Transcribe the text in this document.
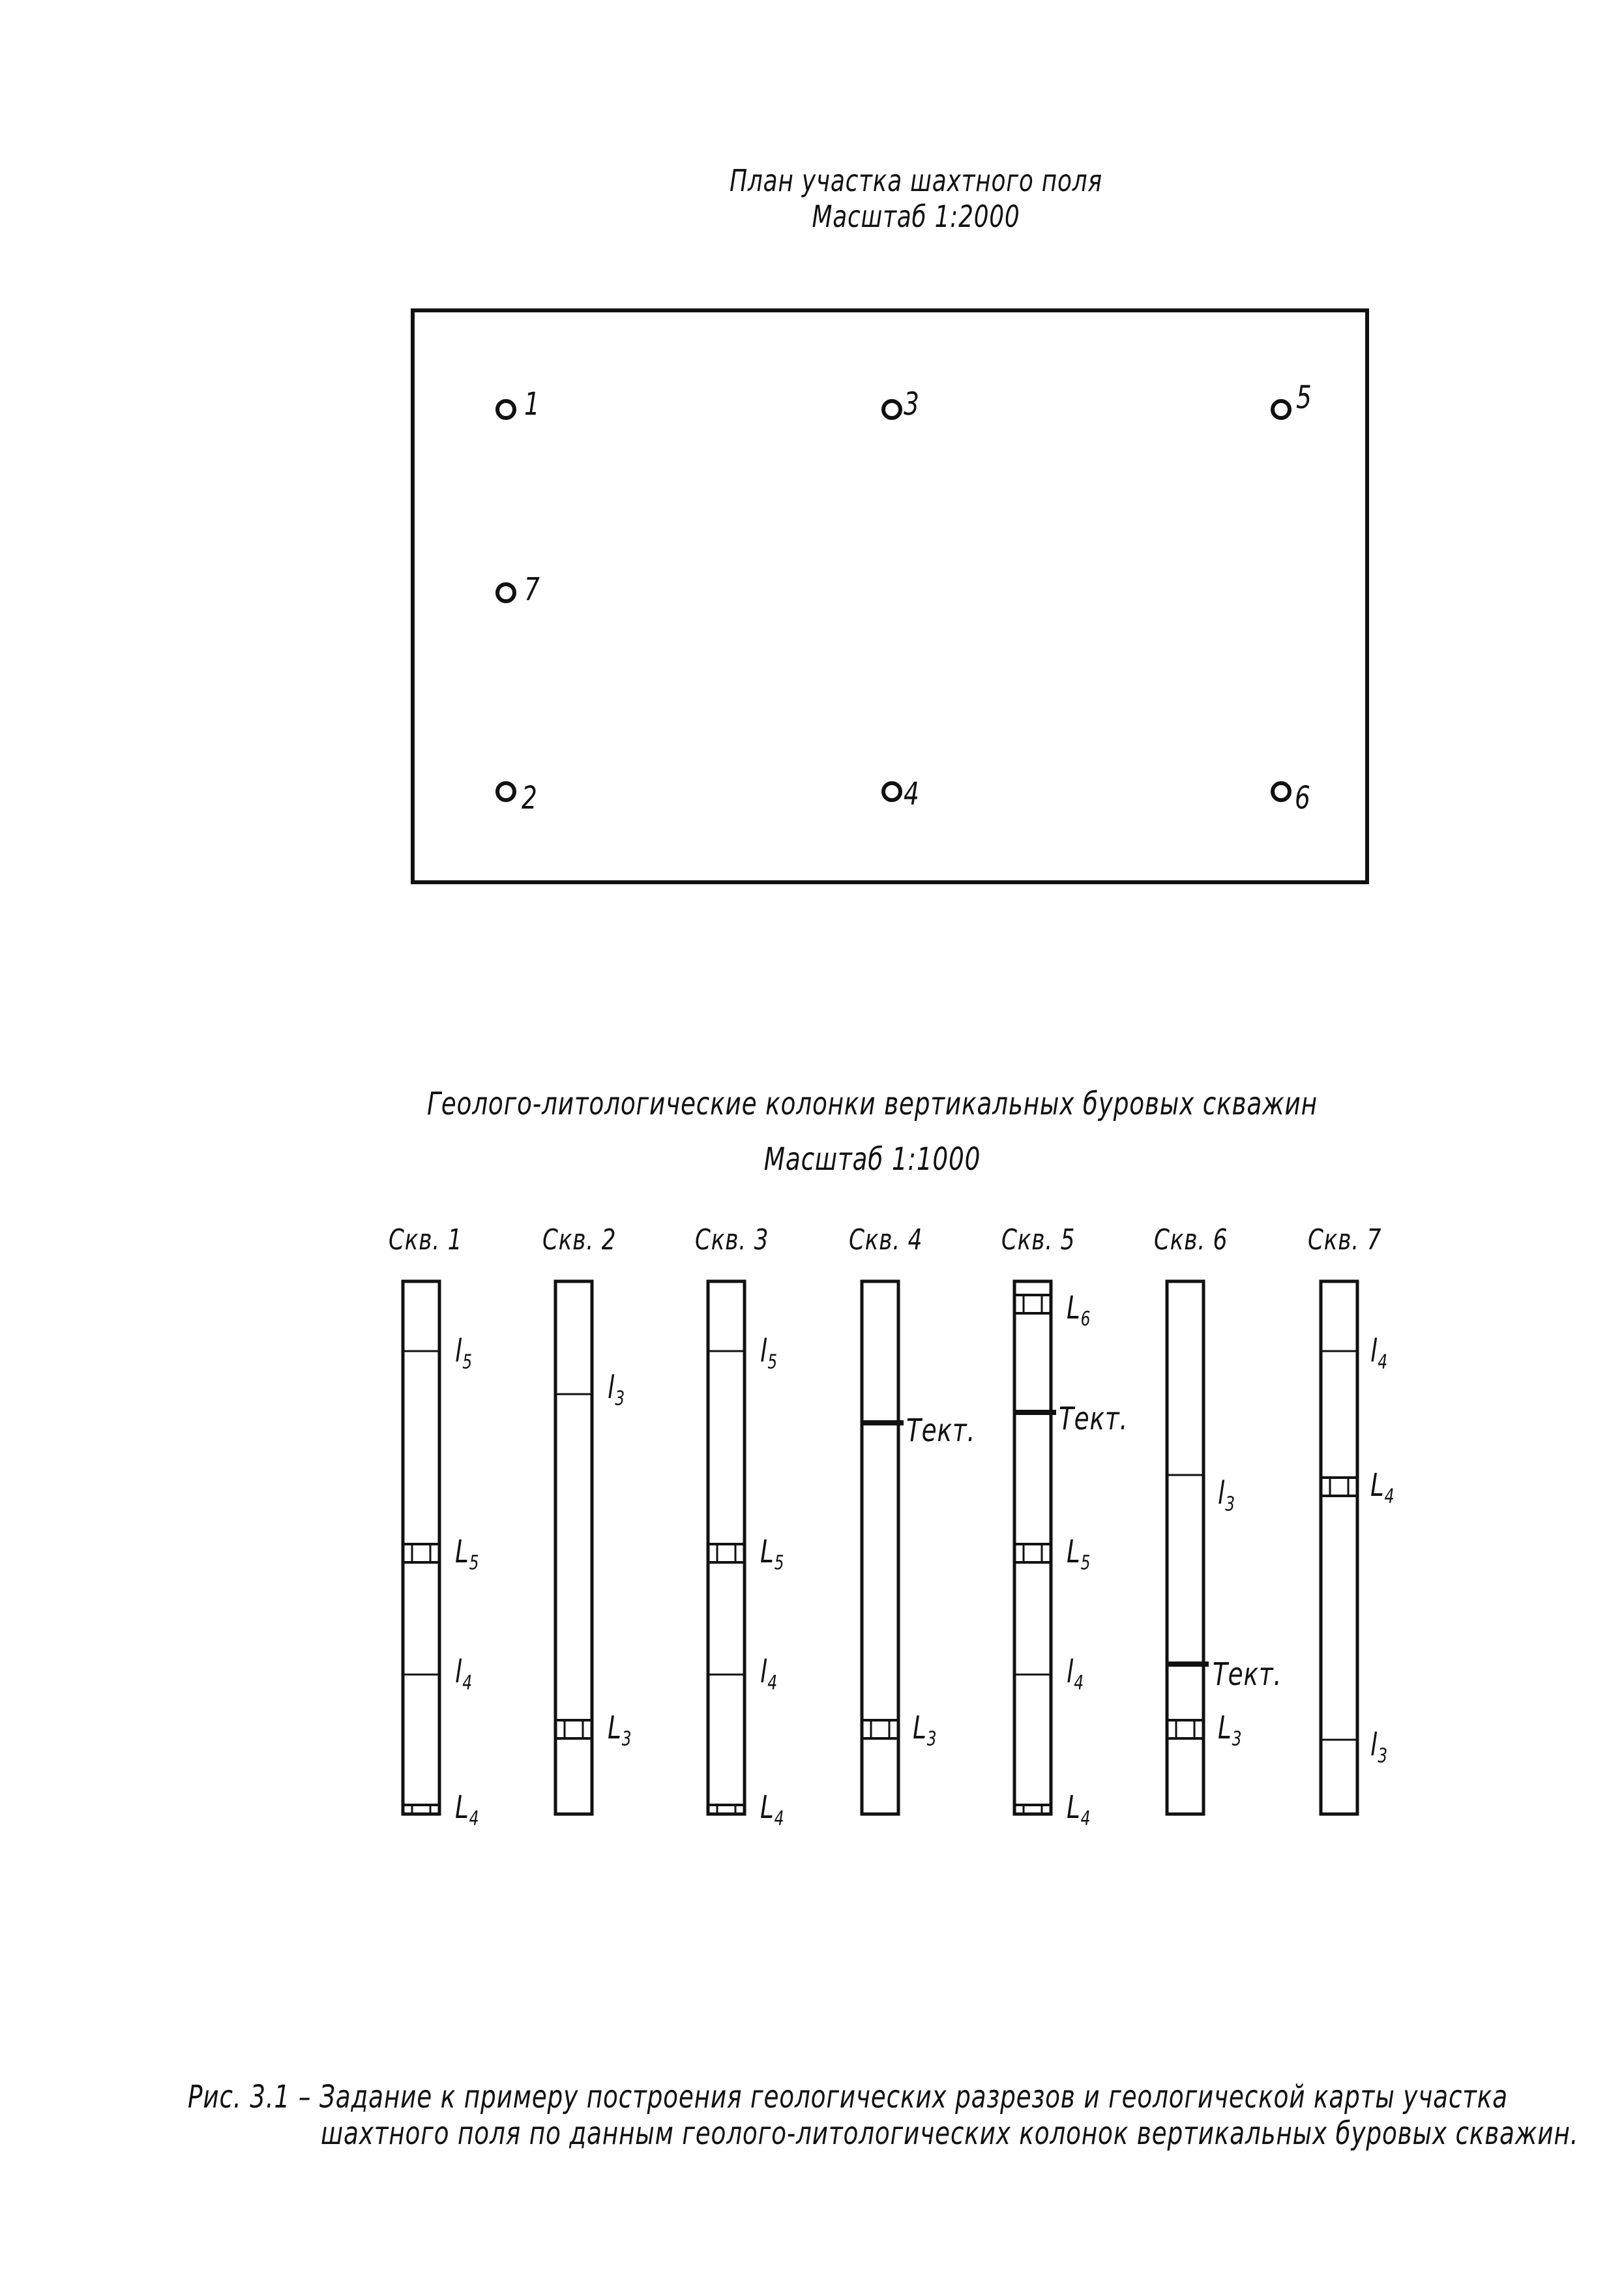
План участка шахтного поля
Масштаб 1:2000
1	3	5
7
2	4	6
Геолого-литологические колонки вертикальных буровых скважин
Масштаб 1:1000
Скв. 1	Скв. 2	Скв. 3	Скв. 4	Скв. 5	Скв. 6	Скв. 7
$l_5$
$L_5$
$l_4$
$L_4$
$l_3$
$L_3$
$l_5$
$L_5$
$l_4$
$L_4$
Тект.
$L_3$
$L_6$
Тект.
$L_5$
$l_4$
$L_4$
$l_3$
Тект.
$L_3$
$l_4$
$L_4$
$l_3$
Рис. 3.1 – Задание к примеру построения геологических разрезов и геологической карты участка
шахтного поля по данным геолого-литологических колонок вертикальных буровых скважин.
